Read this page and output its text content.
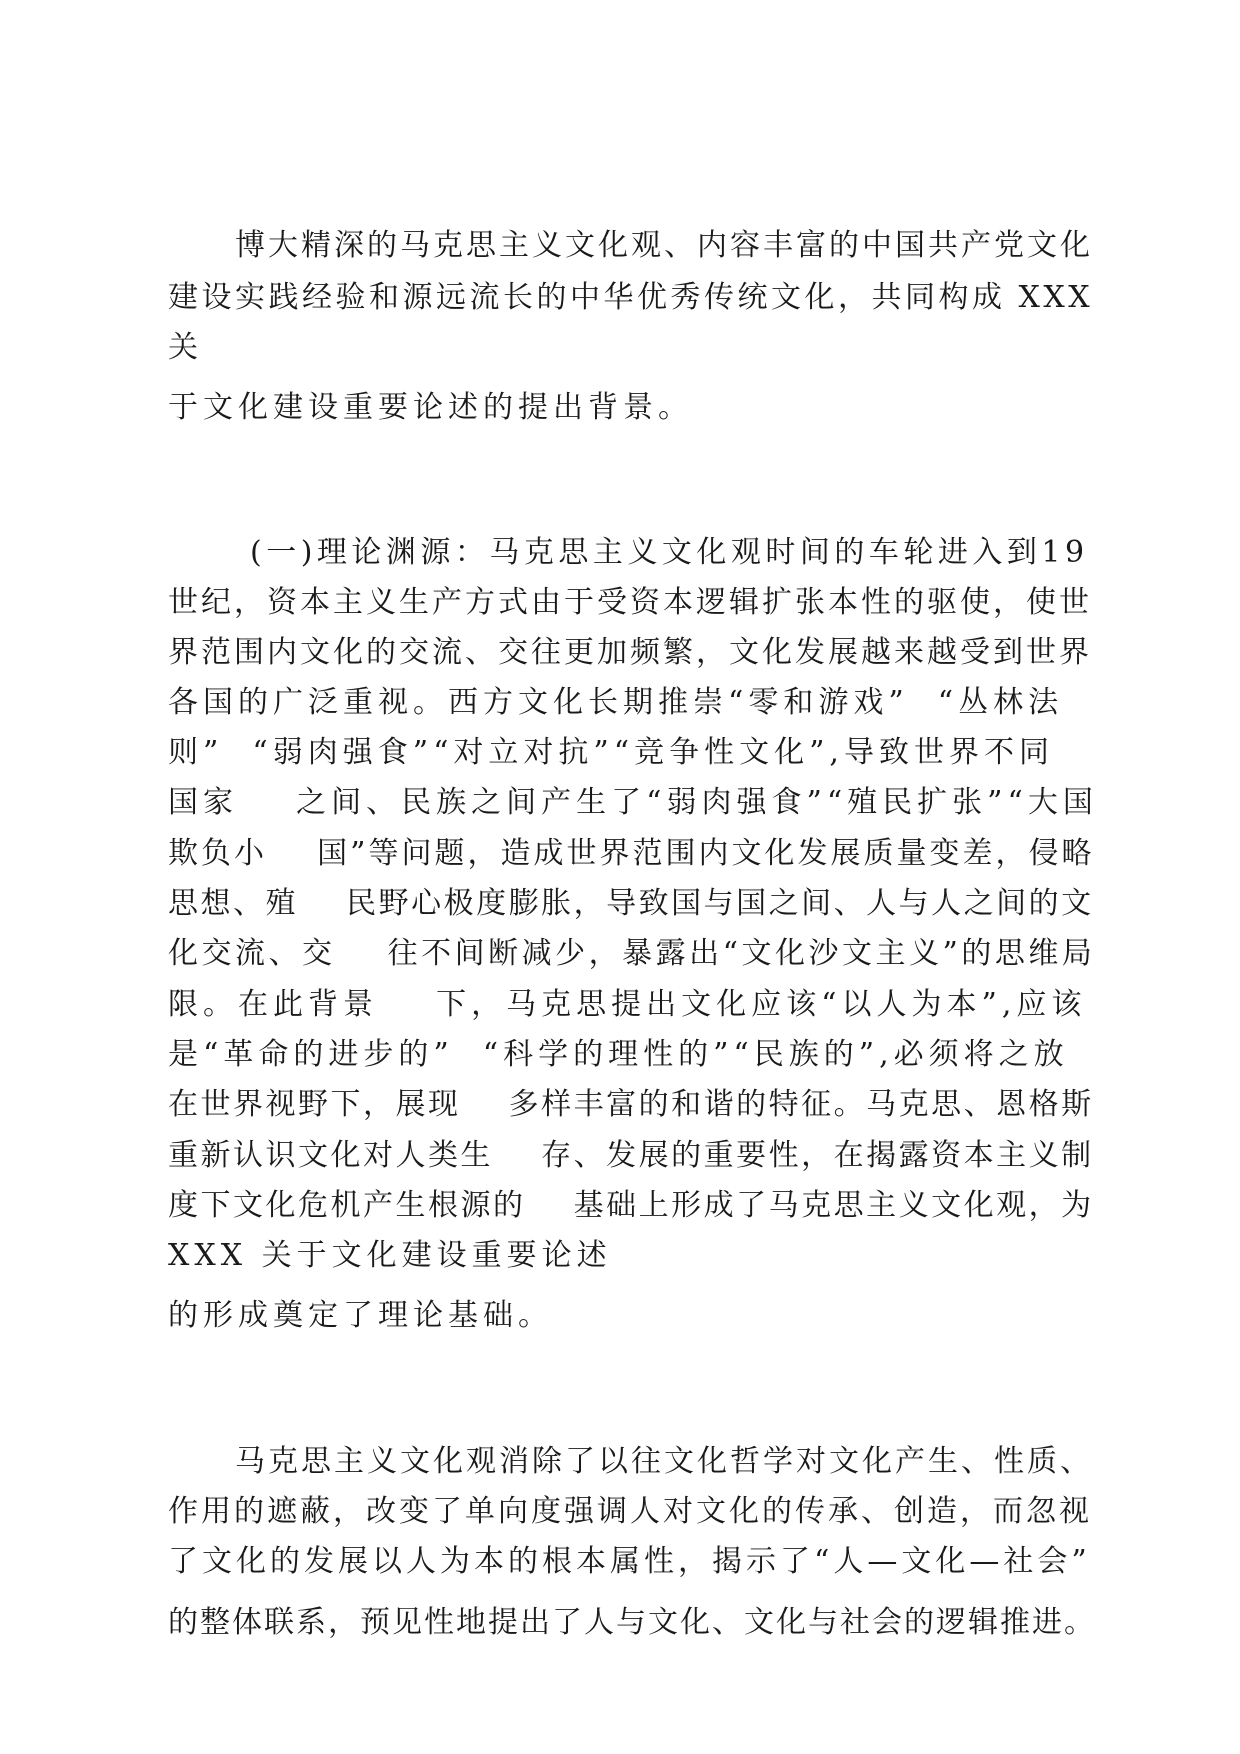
博大精深的马克思主义文化观、内容丰富的中国共产党文化
建设实践经验和源远流长的中华优秀传统文化，共同构成 XXX
关
于文化建设重要论述的提出背景。
(一)理论渊源：马克思主义文化观时间的车轮进入到19
世纪，资本主义生产方式由于受资本逻辑扩张本性的驱使，使世
界范围内文化的交流、交往更加频繁，文化发展越来越受到世界
各国的广泛重视。西方文化长期推崇“零和游戏”  “丛林法
则”  “弱肉强食”“对立对抗”“竞争性文化”,导致世界不同
国家    之间、民族之间产生了“弱肉强食”“殖民扩张”“大国
欺负小    国”等问题，造成世界范围内文化发展质量变差，侵略
思想、殖    民野心极度膨胀，导致国与国之间、人与人之间的文
化交流、交    往不间断减少，暴露出“文化沙文主义”的思维局
限。在此背景    下，马克思提出文化应该“以人为本”,应该
是“革命的进步的”  “科学的理性的”“民族的”,必须将之放
在世界视野下，展现    多样丰富的和谐的特征。马克思、恩格斯
重新认识文化对人类生    存、发展的重要性，在揭露资本主义制
度下文化危机产生根源的    基础上形成了马克思主义文化观，为
XXX 关于文化建设重要论述
的形成奠定了理论基础。
马克思主义文化观消除了以往文化哲学对文化产生、性质、
作用的遮蔽，改变了单向度强调人对文化的传承、创造，而忽视
了文化的发展以人为本的根本属性，揭示了“人—文化—社会”
的整体联系，预见性地提出了人与文化、文化与社会的逻辑推进。
